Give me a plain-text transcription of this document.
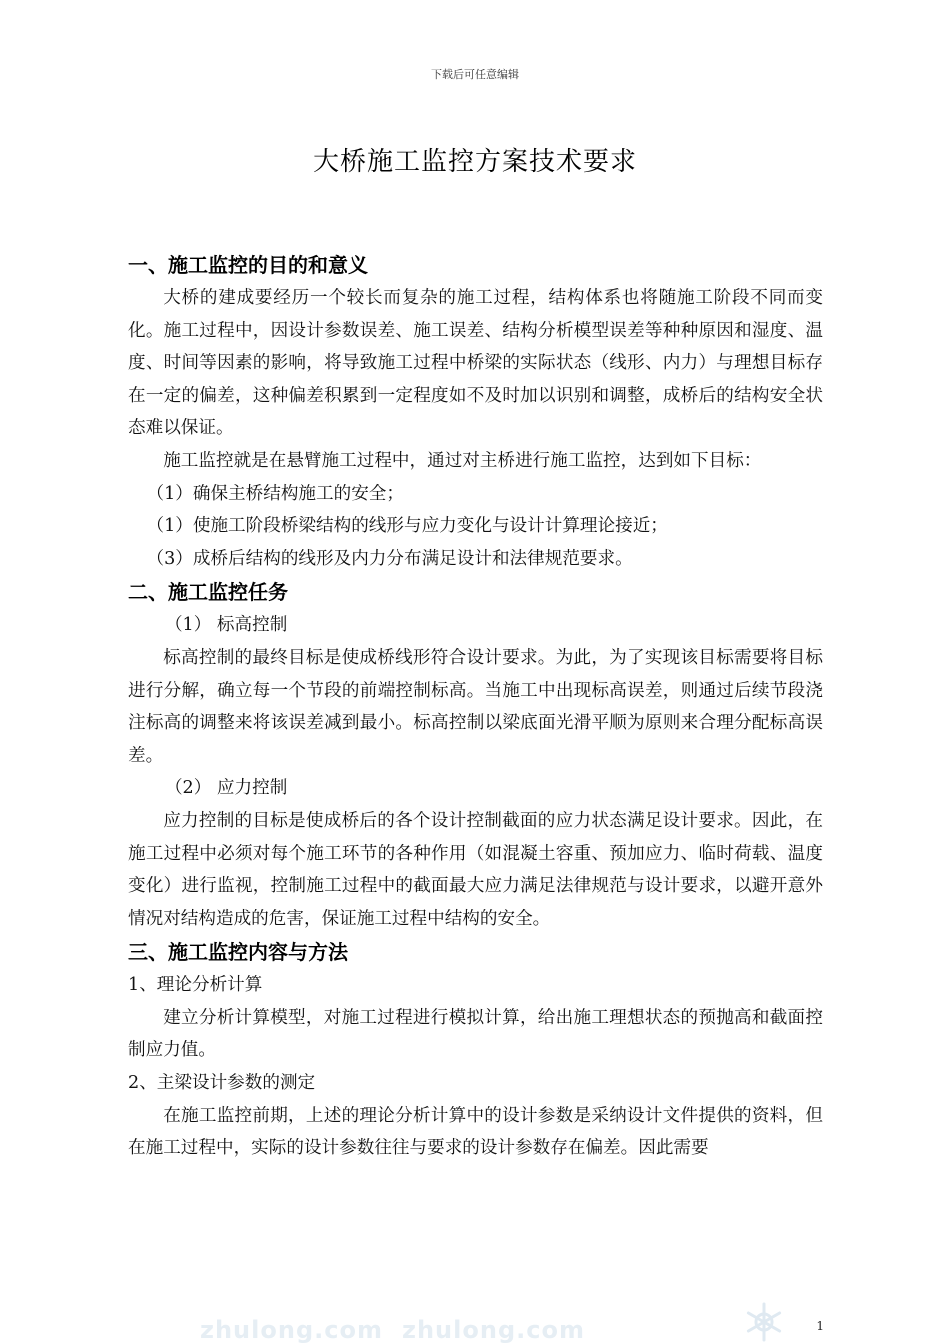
下载后可任意编辑
大桥施工监控方案技术要求

一、施工监控的目的和意义

大桥的建成要经历一个较长而复杂的施工过程，结构体系也将随施工阶段不同而变化。施工过程中，因设计参数误差、施工误差、结构分析模型误差等种种原因和湿度、温度、时间等因素的影响，将导致施工过程中桥梁的实际状态（线形、内力）与理想目标存在一定的偏差，这种偏差积累到一定程度如不及时加以识别和调整，成桥后的结构安全状态难以保证。

施工监控就是在悬臂施工过程中，通过对主桥进行施工监控，达到如下目标：

（1）确保主桥结构施工的安全；

（1）使施工阶段桥梁结构的线形与应力变化与设计计算理论接近；

（3）成桥后结构的线形及内力分布满足设计和法律规范要求。

二、施工监控任务

（1） 标高控制

标高控制的最终目标是使成桥线形符合设计要求。为此，为了实现该目标需要将目标进行分解，确立每一个节段的前端控制标高。当施工中出现标高误差，则通过后续节段浇注标高的调整来将该误差减到最小。标高控制以梁底面光滑平顺为原则来合理分配标高误差。

（2） 应力控制

应力控制的目标是使成桥后的各个设计控制截面的应力状态满足设计要求。因此，在施工过程中必须对每个施工环节的各种作用（如混凝土容重、预加应力、临时荷载、温度变化）进行监视，控制施工过程中的截面最大应力满足法律规范与设计要求，以避开意外情况对结构造成的危害，保证施工过程中结构的安全。

三、施工监控内容与方法

1、理论分析计算

建立分析计算模型，对施工过程进行模拟计算，给出施工理想状态的预抛高和截面控制应力值。

2、主梁设计参数的测定

在施工监控前期，上述的理论分析计算中的设计参数是采纳设计文件提供的资料，但在施工过程中，实际的设计参数往往与要求的设计参数存在偏差。因此需要

zhulong.com zhulong.com	1
